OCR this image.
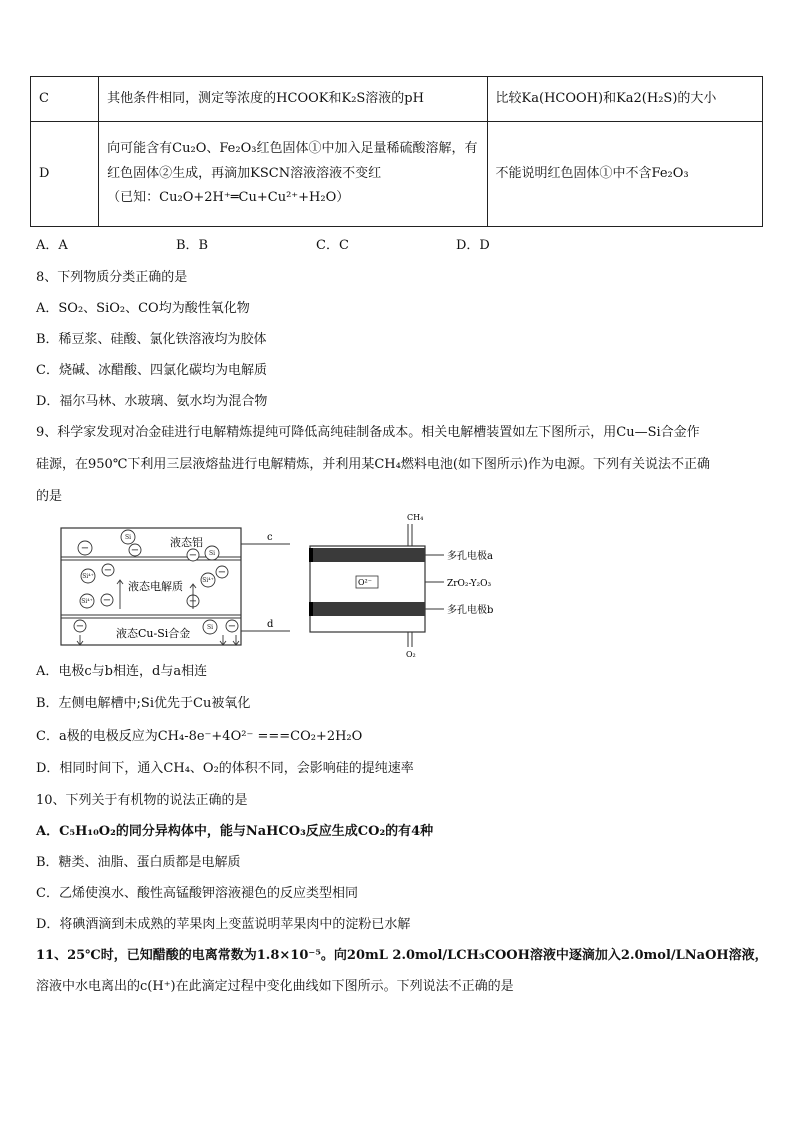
C	其他条件相同，测定等浓度的HCOOK和K₂S溶液的pH	比较Ka(HCOOH)和Ka2(H₂S)的大小
D	向可能含有Cu₂O、Fe₂O₃红色固体①中加入足量稀硫酸溶解，有
红色固体②生成，再滴加KSCN溶液溶液不变红
（已知：Cu₂O+2H⁺═Cu+Cu²⁺+H₂O）	不能说明红色固体①中不含Fe₂O₃
A．A	B．B	C．C	D．D
8、下列物质分类正确的是
A．SO₂、SiO₂、CO均为酸性氧化物
B．稀豆浆、硅酸、氯化铁溶液均为胶体
C．烧碱、冰醋酸、四氯化碳均为电解质
D．福尔马林、水玻璃、氨水均为混合物
9、科学家发现对冶金硅进行电解精炼提纯可降低高纯硅制备成本。相关电解槽装置如左下图所示，用Cu—Si合金作
硅源，在950℃下利用三层液熔盐进行电解精炼，并利用某CH₄燃料电池(如下图所示)作为电源。下列有关说法不正确
的是
液态铝
液态电解质
液态Cu-Si合金
c
d
Si
Si
Si
Si⁴⁺
Si⁴⁺
Si⁴⁺
−	−	−
−	−
−	−
−	−
CH₄
O²⁻
O₂
多孔电极a
ZrO₂-Y₂O₃
多孔电极b
A．电极c与b相连，d与a相连
B．左侧电解槽中;Si优先于Cu被氧化
C．a极的电极反应为CH₄-8e⁻+4O²⁻ ===CO₂+2H₂O
D．相同时间下，通入CH₄、O₂的体积不同，会影响硅的提纯速率
10、下列关于有机物的说法正确的是
A．C₅H₁₀O₂的同分异构体中，能与NaHCO₃反应生成CO₂的有4种
B．糖类、油脂、蛋白质都是电解质
C．乙烯使溴水、酸性高锰酸钾溶液褪色的反应类型相同
D．将碘酒滴到未成熟的苹果肉上变蓝说明苹果肉中的淀粉已水解
11、25℃时，已知醋酸的电离常数为1.8×10⁻⁵。向20mL 2.0mol/LCH₃COOH溶液中逐滴加入2.0mol/LNaOH溶液，
溶液中水电离出的c(H⁺)在此滴定过程中变化曲线如下图所示。下列说法不正确的是
